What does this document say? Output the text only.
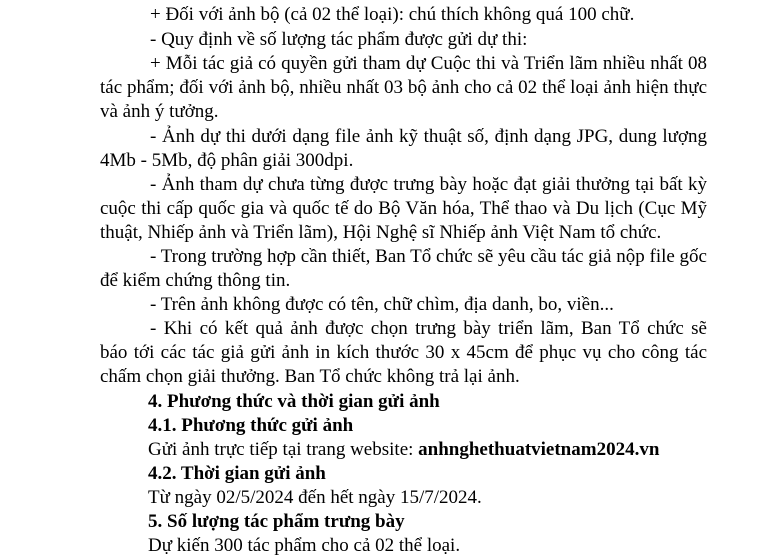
+ Đối với ảnh bộ (cả 02 thể loại): chú thích không quá 100 chữ.
- Quy định về số lượng tác phẩm được gửi dự thi:
+ Mỗi tác giả có quyền gửi tham dự Cuộc thi và Triển lãm nhiều nhất 08
tác phẩm; đối với ảnh bộ, nhiều nhất 03 bộ ảnh cho cả 02 thể loại ảnh hiện thực
và ảnh ý tưởng.
- Ảnh dự thi dưới dạng file ảnh kỹ thuật số, định dạng JPG, dung lượng
4Mb - 5Mb, độ phân giải 300dpi.
- Ảnh tham dự chưa từng được trưng bày hoặc đạt giải thưởng tại bất kỳ
cuộc thi cấp quốc gia và quốc tế do Bộ Văn hóa, Thể thao và Du lịch (Cục Mỹ
thuật, Nhiếp ảnh và Triển lãm), Hội Nghệ sĩ Nhiếp ảnh Việt Nam tổ chức.
- Trong trường hợp cần thiết, Ban Tổ chức sẽ yêu cầu tác giả nộp file gốc
để kiểm chứng thông tin.
- Trên ảnh không được có tên, chữ chìm, địa danh, bo, viền...
- Khi có kết quả ảnh được chọn trưng bày triển lãm, Ban Tổ chức sẽ
báo tới các tác giả gửi ảnh in kích thước 30 x 45cm để phục vụ cho công tác
chấm chọn giải thưởng. Ban Tổ chức không trả lại ảnh.
4. Phương thức và thời gian gửi ảnh
4.1. Phương thức gửi ảnh
Gửi ảnh trực tiếp tại trang website: anhnghethuatvietnam2024.vn
4.2. Thời gian gửi ảnh
Từ ngày 02/5/2024 đến hết ngày 15/7/2024.
5. Số lượng tác phẩm trưng bày
Dự kiến 300 tác phẩm cho cả 02 thể loại.
